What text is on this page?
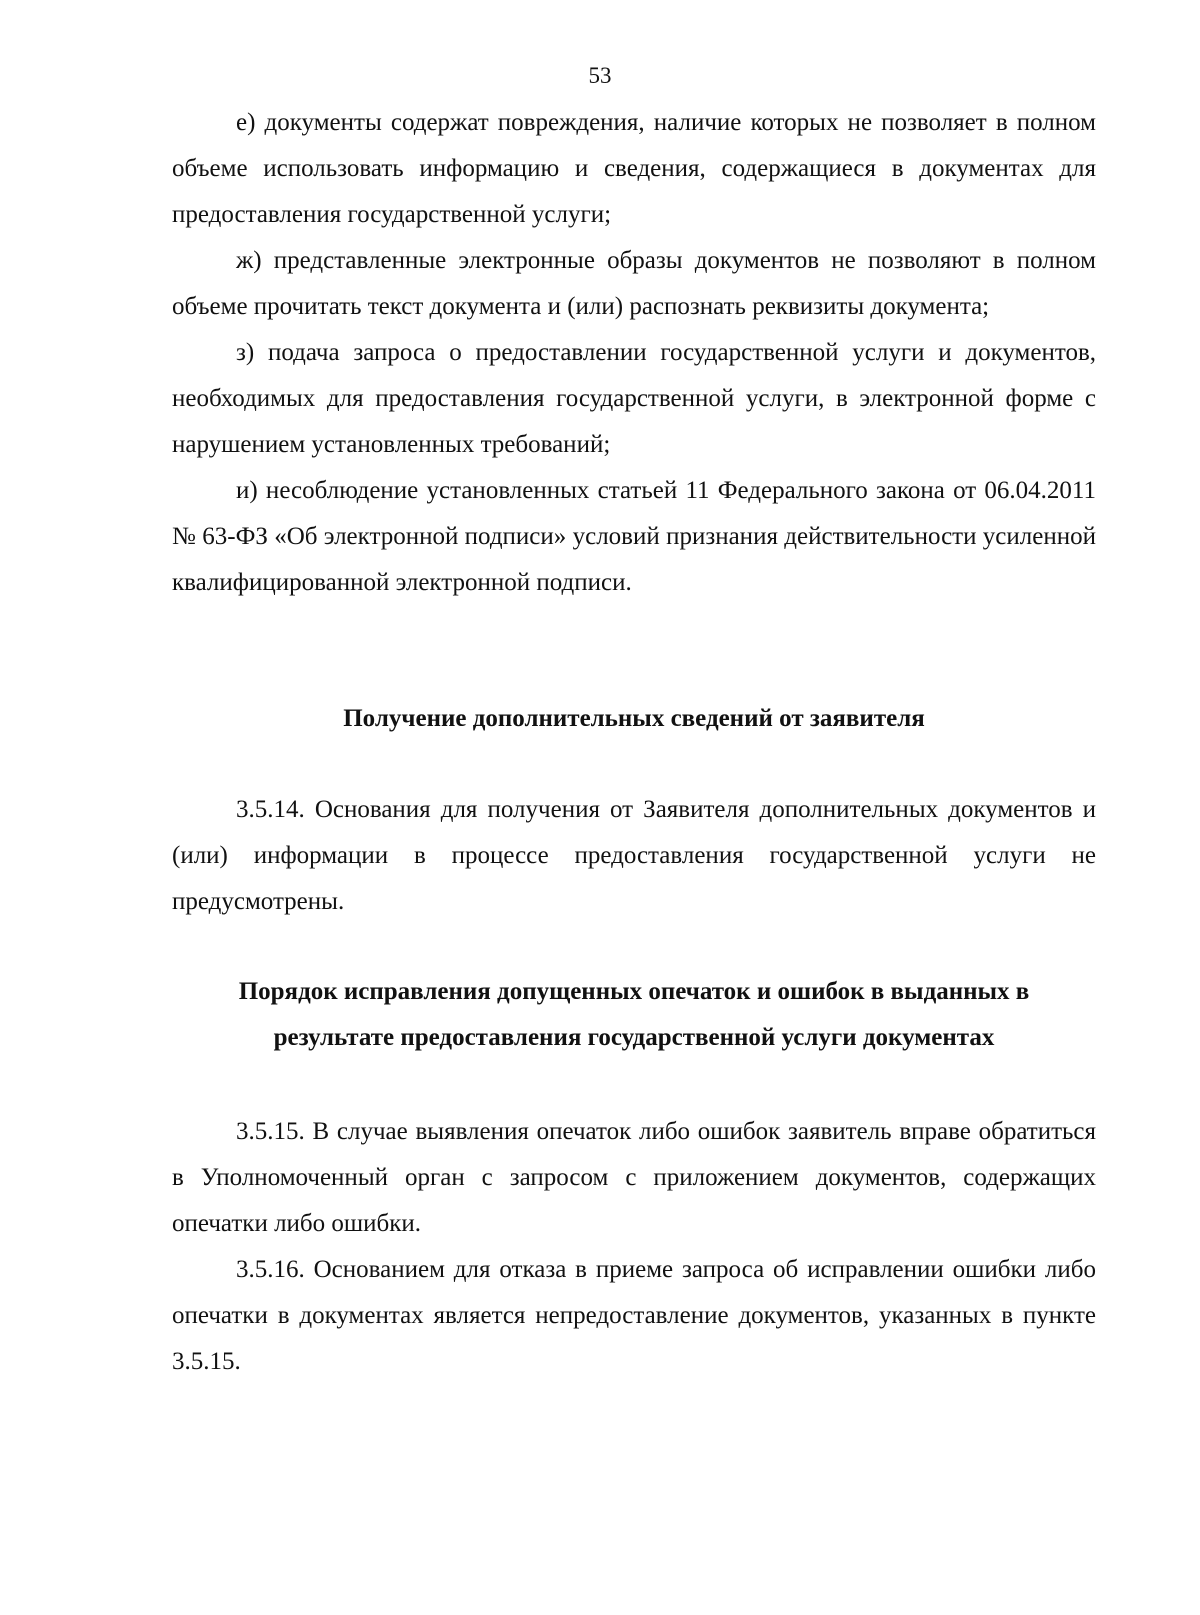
53

е) документы содержат повреждения, наличие которых не позволяет в полном объеме использовать информацию и сведения, содержащиеся в документах для предоставления государственной услуги;

ж) представленные электронные образы документов не позволяют в полном объеме прочитать текст документа и (или) распознать реквизиты документа;

з) подача запроса о предоставлении государственной услуги и документов, необходимых для предоставления государственной услуги, в электронной форме с нарушением установленных требований;

и) несоблюдение установленных статьей 11 Федерального закона от 06.04.2011 № 63-ФЗ «Об электронной подписи» условий признания действительности усиленной квалифицированной электронной подписи.

Получение дополнительных сведений от заявителя

3.5.14. Основания для получения от Заявителя дополнительных документов и (или) информации в процессе предоставления государственной услуги не предусмотрены.

Порядок исправления допущенных опечаток и ошибок в выданных в
результате предоставления государственной услуги документах

3.5.15. В случае выявления опечаток либо ошибок заявитель вправе обратиться в Уполномоченный орган с запросом с приложением документов, содержащих опечатки либо ошибки.

3.5.16. Основанием для отказа в приеме запроса об исправлении ошибки либо опечатки в документах является непредоставление документов, указанных в пункте 3.5.15.
